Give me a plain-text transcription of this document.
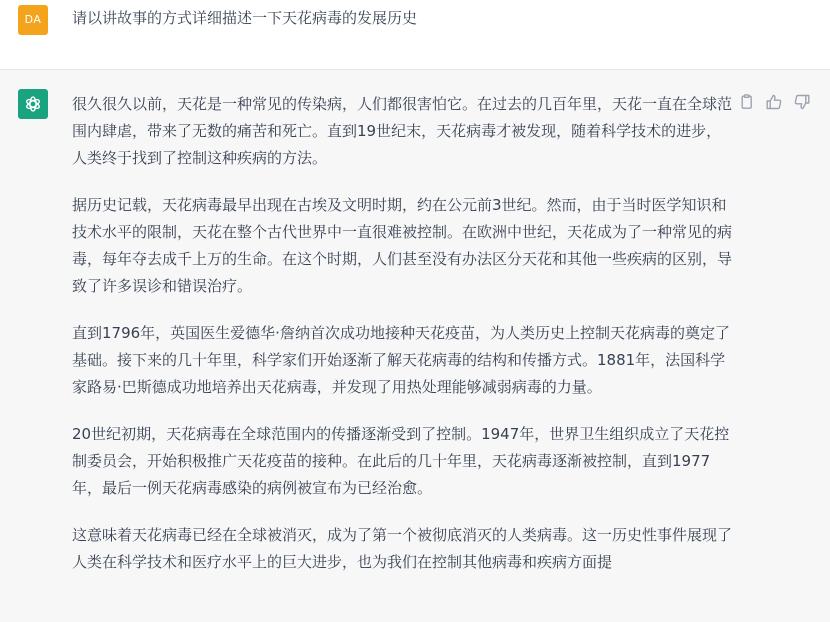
DA	请以讲故事的方式详细描述一下天花病毒的发展历史

很久很久以前，天花是一种常见的传染病，人们都很害怕它。在过去的几百年里，天花一直在全球范围内肆虐，带来了无数的痛苦和死亡。直到19世纪末，天花病毒才被发现，随着科学技术的进步，人类终于找到了控制这种疾病的方法。

据历史记载，天花病毒最早出现在古埃及文明时期，约在公元前3世纪。然而，由于当时医学知识和技术水平的限制，天花在整个古代世界中一直很难被控制。在欧洲中世纪，天花成为了一种常见的病毒，每年夺去成千上万的生命。在这个时期，人们甚至没有办法区分天花和其他一些疾病的区别，导致了许多误诊和错误治疗。

直到1796年，英国医生爱德华·詹纳首次成功地接种天花疫苗，为人类历史上控制天花病毒的奠定了基础。接下来的几十年里，科学家们开始逐渐了解天花病毒的结构和传播方式。1881年，法国科学家路易·巴斯德成功地培养出天花病毒，并发现了用热处理能够减弱病毒的力量。

20世纪初期，天花病毒在全球范围内的传播逐渐受到了控制。1947年，世界卫生组织成立了天花控制委员会，开始积极推广天花疫苗的接种。在此后的几十年里，天花病毒逐渐被控制，直到1977年，最后一例天花病毒感染的病例被宣布为已经治愈。

这意味着天花病毒已经在全球被消灭，成为了第一个被彻底消灭的人类病毒。这一历史性事件展现了人类在科学技术和医疗水平上的巨大进步，也为我们在控制其他病毒和疾病方面提
